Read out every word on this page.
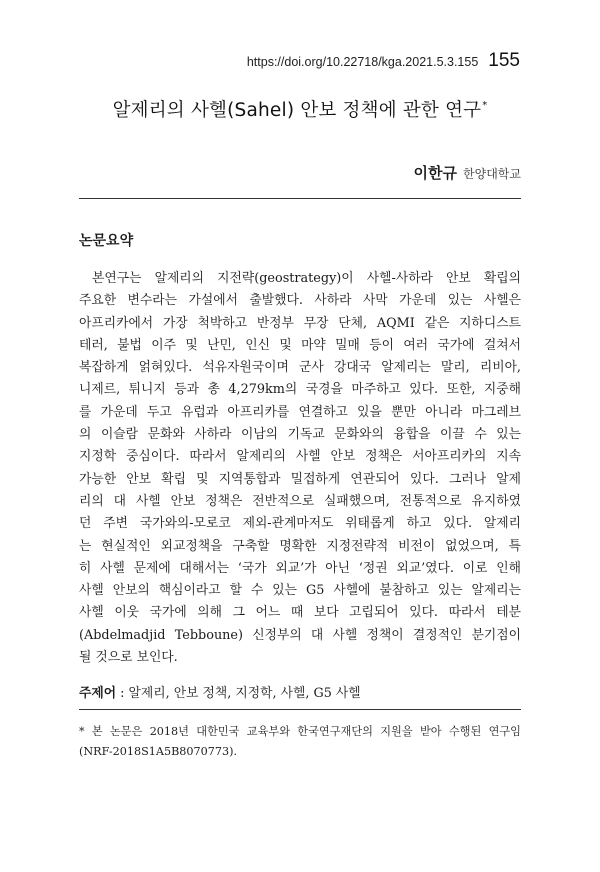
https://doi.org/10.22718/kga.2021.5.3.155 155
알제리의 사헬(Sahel) 안보 정책에 관한 연구*
이한규 한양대학교
논문요약
본연구는 알제리의 지전략(geostrategy)이 사헬-사하라 안보 확립의
주요한 변수라는 가설에서 출발했다. 사하라 사막 가운데 있는 사헬은
아프리카에서 가장 척박하고 반정부 무장 단체, AQMI 같은 지하디스트
테러, 불법 이주 및 난민, 인신 및 마약 밀매 등이 여러 국가에 걸쳐서
복잡하게 얽혀있다. 석유자원국이며 군사 강대국 알제리는 말리, 리비아,
니제르, 튀니지 등과 총 4,279km의 국경을 마주하고 있다. 또한, 지중해
를 가운데 두고 유럽과 아프리카를 연결하고 있을 뿐만 아니라 마그레브
의 이슬람 문화와 사하라 이남의 기독교 문화와의 융합을 이끌 수 있는
지정학 중심이다. 따라서 알제리의 사헬 안보 정책은 서아프리카의 지속
가능한 안보 확립 및 지역통합과 밀접하게 연관되어 있다. 그러나 알제
리의 대 사헬 안보 정책은 전반적으로 실패했으며, 전통적으로 유지하였
던 주변 국가와의-모로코 제외-관계마저도 위태롭게 하고 있다. 알제리
는 현실적인 외교정책을 구축할 명확한 지정전략적 비전이 없었으며, 특
히 사헬 문제에 대해서는 ‘국가 외교’가 아닌 ‘정권 외교’였다. 이로 인해
사헬 안보의 핵심이라고 할 수 있는 G5 사헬에 불참하고 있는 알제리는
사헬 이웃 국가에 의해 그 어느 때 보다 고립되어 있다. 따라서 테분
(Abdelmadjid Tebboune) 신정부의 대 사헬 정책이 결정적인 분기점이
될 것으로 보인다.
주제어 : 알제리, 안보 정책, 지정학, 사헬, G5 사헬
* 본 논문은 2018년 대한민국 교육부와 한국연구재단의 지원을 받아 수행된 연구임
(NRF-2018S1A5B8070773).
